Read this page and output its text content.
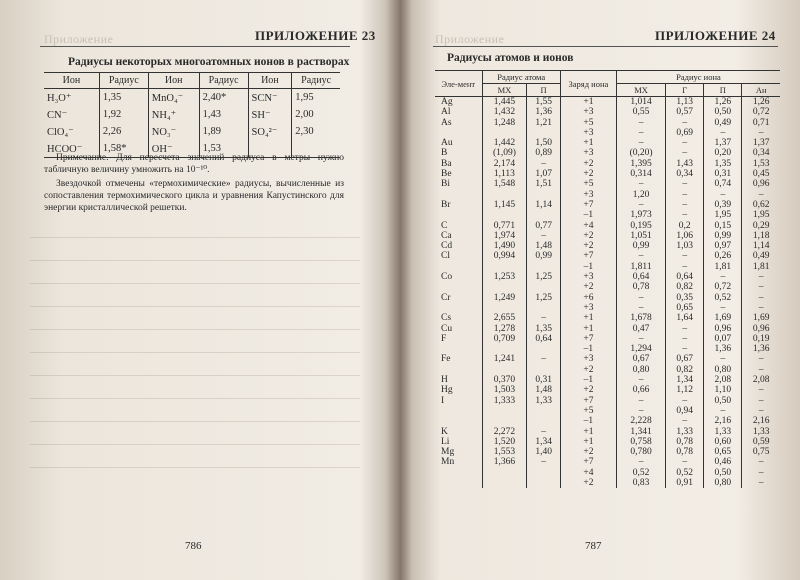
Приложение	ПРИЛОЖЕНИЕ 23
Радиусы некоторых многоатомных ионов в растворах
Ион	Радиус	Ион	Радиус	Ион	Радиус
H₃O⁺	1,35	MnO₄⁻	2,40*	SCN⁻	1,95
CN⁻	1,92	NH₄⁺	1,43	SH⁻	2,00
ClO₄⁻	2,26	NO₃⁻	1,89	SO₄²⁻	2,30
HCOO⁻	1,58*	OH⁻	1,53		

Примечание. Для пересчета значений радиуса в метры нужно табличную величину умножить на 10⁻¹⁰.

Звездочкой отмечены «термохимические» радиусы, вычисленные из сопоставления термохимического цикла и уравнения Капустинского для энергии кристаллической решетки.

786
Приложение	ПРИЛОЖЕНИЕ 24
Радиусы атомов и ионов
Эле-мент	Радиус атома		Заряд иона	Радиус иона			
	МХ	П		МХ	Г	П	Ан
Ag	1,445	1,55	+1	1,014	1,13	1,26	1,26
Al	1,432	1,36	+3	0,55	0,57	0,50	0,72
As	1,248	1,21	+5	–	–	0,49	0,71
			+3	–	0,69	–	–
Au	1,442	1,50	+1	–	–	1,37	1,37
B	(1,09)	0,89	+3	(0,20)	–	0,20	0,34
Ba	2,174	–	+2	1,395	1,43	1,35	1,53
Be	1,113	1,07	+2	0,314	0,34	0,31	0,45
Bi	1,548	1,51	+5	–	–	0,74	0,96
			+3	1,20	–	–	–
Br	1,145	1,14	+7	–	–	0,39	0,62
			–1	1,973	–	1,95	1,95
C	0,771	0,77	+4	0,195	0,2	0,15	0,29
Ca	1,974	–	+2	1,051	1,06	0,99	1,18
Cd	1,490	1,48	+2	0,99	1,03	0,97	1,14
Cl	0,994	0,99	+7	–	–	0,26	0,49
			–1	1,811	–	1,81	1,81
Co	1,253	1,25	+3	0,64	0,64	–	–
			+2	0,78	0,82	0,72	–
Cr	1,249	1,25	+6	–	0,35	0,52	–
			+3	–	0,65	–	–
Cs	2,655	–	+1	1,678	1,64	1,69	1,69
Cu	1,278	1,35	+1	0,47	–	0,96	0,96
F	0,709	0,64	+7	–	–	0,07	0,19
			–1	1,294	–	1,36	1,36
Fe	1,241	–	+3	0,67	0,67	–	–
			+2	0,80	0,82	0,80	–
H	0,370	0,31	–1	–	1,34	2,08	2,08
Hg	1,503	1,48	+2	0,66	1,12	1,10	–
I	1,333	1,33	+7	–	–	0,50	–
			+5	–	0,94	–	–
			–1	2,228	–	2,16	2,16
K	2,272	–	+1	1,341	1,33	1,33	1,33
Li	1,520	1,34	+1	0,758	0,78	0,60	0,59
Mg	1,553	1,40	+2	0,780	0,78	0,65	0,75
Mn	1,366	–	+7	–	–	0,46	–
			+4	0,52	0,52	0,50	–
			+2	0,83	0,91	0,80	–
787
